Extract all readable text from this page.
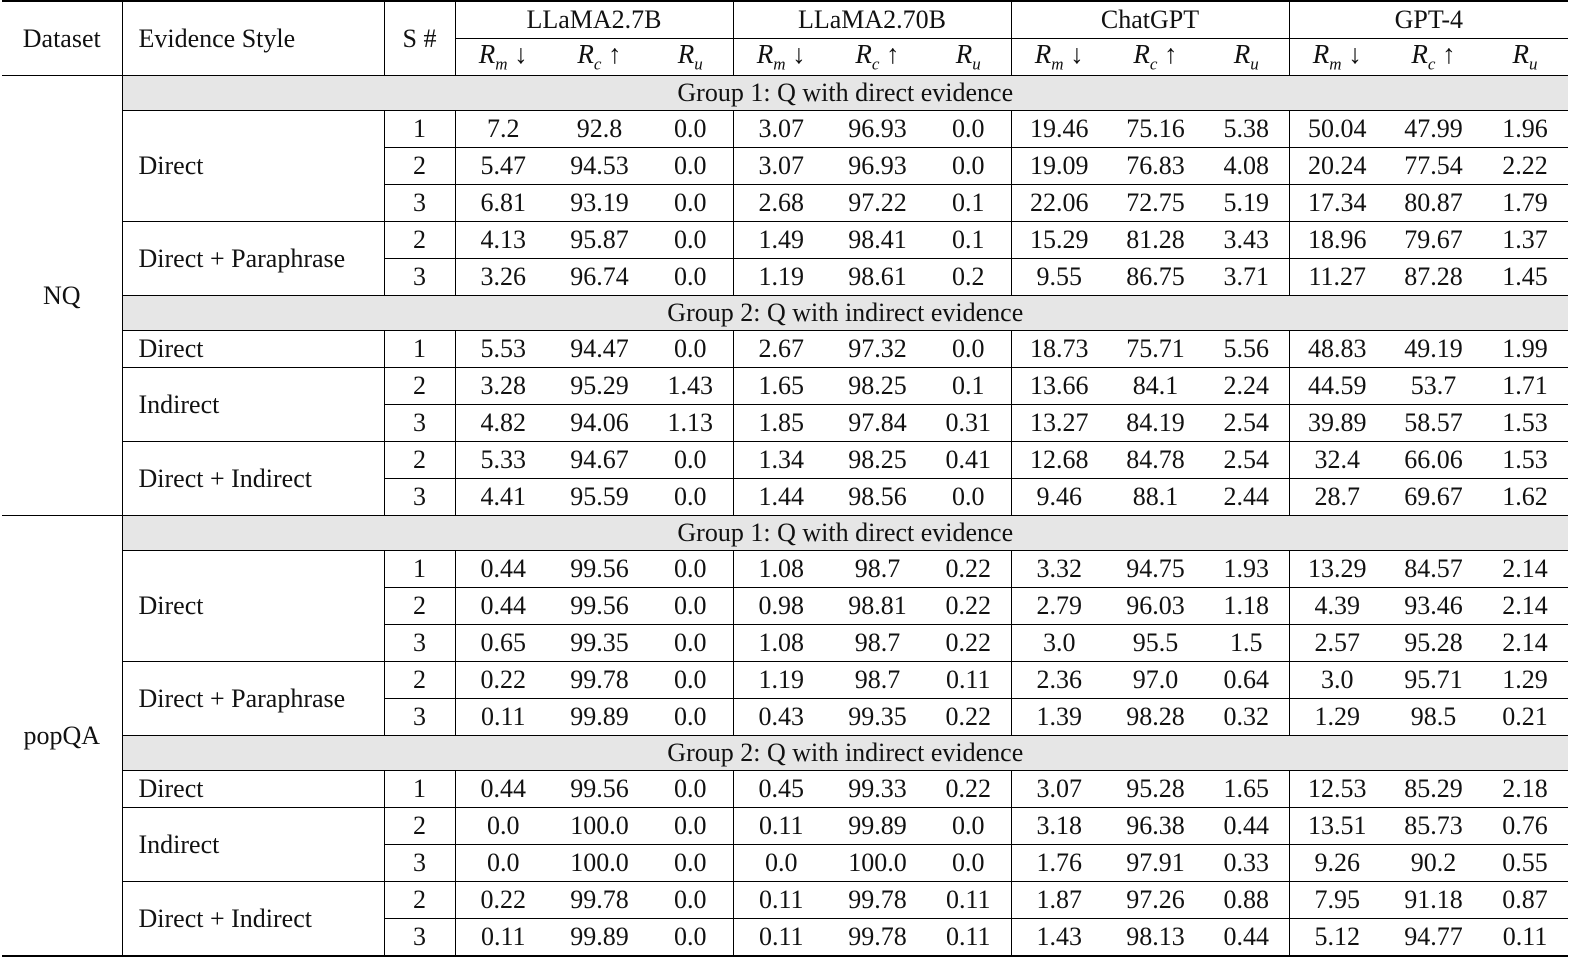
Dataset	Evidence Style	S #	LLaMA2.7B			LLaMA2.70B			ChatGPT			GPT-4		
			$R_m$ ↓	$R_c$ ↑	$R_u$	$R_m$ ↓	$R_c$ ↑	$R_u$	$R_m$ ↓	$R_c$ ↑	$R_u$	$R_m$ ↓	$R_c$ ↑	$R_u$
NQ	Group 1: Q with direct evidence													
	Direct	1	7.2	92.8	0.0	3.07	96.93	0.0	19.46	75.16	5.38	50.04	47.99	1.96
		2	5.47	94.53	0.0	3.07	96.93	0.0	19.09	76.83	4.08	20.24	77.54	2.22
		3	6.81	93.19	0.0	2.68	97.22	0.1	22.06	72.75	5.19	17.34	80.87	1.79
	Direct + Paraphrase	2	4.13	95.87	0.0	1.49	98.41	0.1	15.29	81.28	3.43	18.96	79.67	1.37
		3	3.26	96.74	0.0	1.19	98.61	0.2	9.55	86.75	3.71	11.27	87.28	1.45
	Group 2: Q with indirect evidence													
	Direct	1	5.53	94.47	0.0	2.67	97.32	0.0	18.73	75.71	5.56	48.83	49.19	1.99
	Indirect	2	3.28	95.29	1.43	1.65	98.25	0.1	13.66	84.1	2.24	44.59	53.7	1.71
		3	4.82	94.06	1.13	1.85	97.84	0.31	13.27	84.19	2.54	39.89	58.57	1.53
	Direct + Indirect	2	5.33	94.67	0.0	1.34	98.25	0.41	12.68	84.78	2.54	32.4	66.06	1.53
		3	4.41	95.59	0.0	1.44	98.56	0.0	9.46	88.1	2.44	28.7	69.67	1.62
popQA	Group 1: Q with direct evidence													
	Direct	1	0.44	99.56	0.0	1.08	98.7	0.22	3.32	94.75	1.93	13.29	84.57	2.14
		2	0.44	99.56	0.0	0.98	98.81	0.22	2.79	96.03	1.18	4.39	93.46	2.14
		3	0.65	99.35	0.0	1.08	98.7	0.22	3.0	95.5	1.5	2.57	95.28	2.14
	Direct + Paraphrase	2	0.22	99.78	0.0	1.19	98.7	0.11	2.36	97.0	0.64	3.0	95.71	1.29
		3	0.11	99.89	0.0	0.43	99.35	0.22	1.39	98.28	0.32	1.29	98.5	0.21
	Group 2: Q with indirect evidence													
	Direct	1	0.44	99.56	0.0	0.45	99.33	0.22	3.07	95.28	1.65	12.53	85.29	2.18
	Indirect	2	0.0	100.0	0.0	0.11	99.89	0.0	3.18	96.38	0.44	13.51	85.73	0.76
		3	0.0	100.0	0.0	0.0	100.0	0.0	1.76	97.91	0.33	9.26	90.2	0.55
	Direct + Indirect	2	0.22	99.78	0.0	0.11	99.78	0.11	1.87	97.26	0.88	7.95	91.18	0.87
		3	0.11	99.89	0.0	0.11	99.78	0.11	1.43	98.13	0.44	5.12	94.77	0.11
